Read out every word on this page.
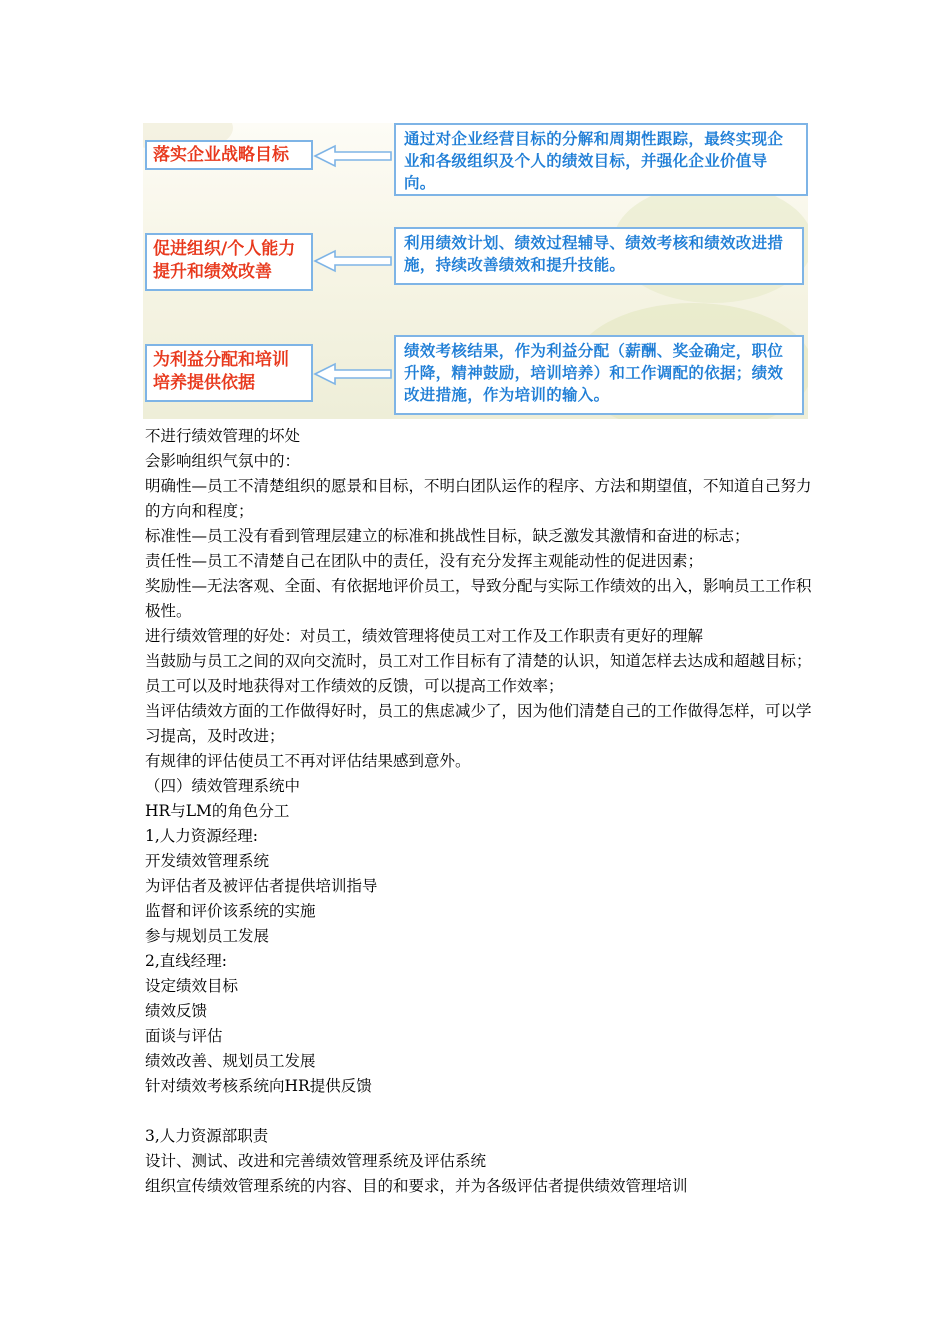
落实企业战略目标
通过对企业经营目标的分解和周期性跟踪，最终实现企业和各级组织及个人的绩效目标，并强化企业价值导向。
促进组织/个人能力提升和绩效改善
利用绩效计划、绩效过程辅导、绩效考核和绩效改进措施，持续改善绩效和提升技能。
为利益分配和培训培养提供依据
绩效考核结果，作为利益分配（薪酬、奖金确定，职位升降，精神鼓励，培训培养）和工作调配的依据；绩效改进措施，作为培训的输入。

不进行绩效管理的坏处

会影响组织气氛中的：

明确性—员工不清楚组织的愿景和目标，不明白团队运作的程序、方法和期望值，不知道自己努力的方向和程度；

标准性—员工没有看到管理层建立的标准和挑战性目标，缺乏激发其激情和奋进的标志；

责任性—员工不清楚自己在团队中的责任，没有充分发挥主观能动性的促进因素；

奖励性—无法客观、全面、有依据地评价员工，导致分配与实际工作绩效的出入，影响员工工作积极性。

进行绩效管理的好处：对员工，绩效管理将使员工对工作及工作职责有更好的理解

当鼓励与员工之间的双向交流时，员工对工作目标有了清楚的认识，知道怎样去达成和超越目标；

员工可以及时地获得对工作绩效的反馈，可以提高工作效率；

当评估绩效方面的工作做得好时，员工的焦虑减少了，因为他们清楚自己的工作做得怎样，可以学习提高，及时改进；

有规律的评估使员工不再对评估结果感到意外。

（四）绩效管理系统中

HR与LM的角色分工

1,人力资源经理:

开发绩效管理系统

为评估者及被评估者提供培训指导

监督和评价该系统的实施

参与规划员工发展

2,直线经理:

设定绩效目标

绩效反馈

面谈与评估

绩效改善、规划员工发展

针对绩效考核系统向HR提供反馈

3,人力资源部职责

设计、测试、改进和完善绩效管理系统及评估系统

组织宣传绩效管理系统的内容、目的和要求，并为各级评估者提供绩效管理培训
